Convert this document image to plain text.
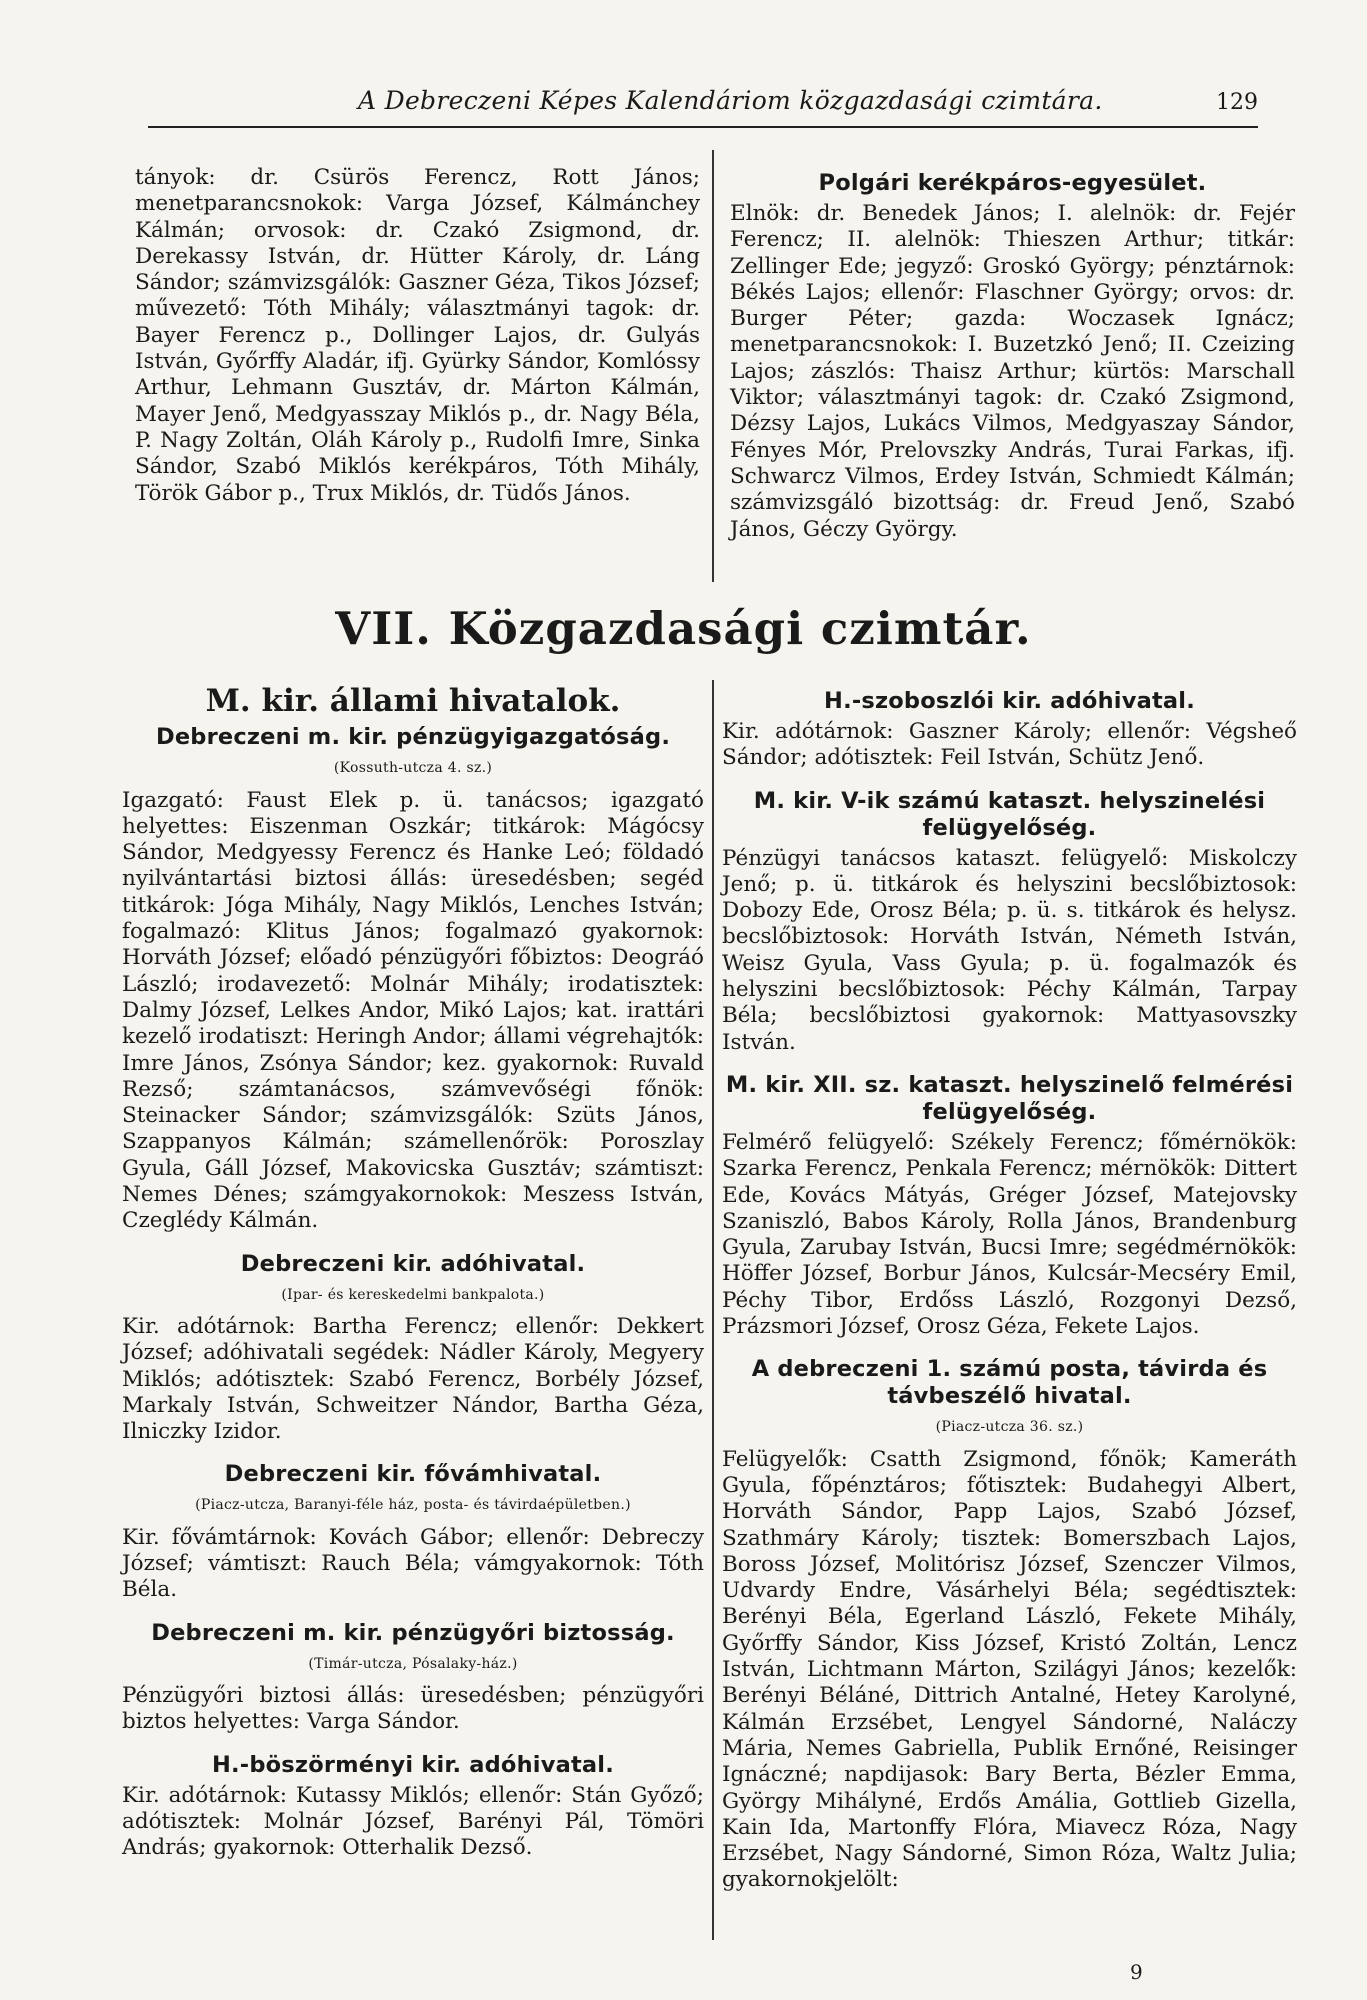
A Debreczeni Képes Kalendáriom közgazdasági czimtára.	129

tányok: dr. Csürös Ferencz, Rott János; menetparancsnokok: Varga József, Kálmánchey Kálmán; orvosok: dr. Czakó Zsigmond, dr. Derekassy István, dr. Hütter Károly, dr. Láng Sándor; számvizsgálók: Gaszner Géza, Tikos József; művezető: Tóth Mihály; választmányi tagok: dr. Bayer Ferencz p., Dollinger Lajos, dr. Gulyás István, Győrffy Aladár, ifj. Gyürky Sándor, Komlóssy Arthur, Lehmann Gusztáv, dr. Márton Kálmán, Mayer Jenő, Medgyasszay Miklós p., dr. Nagy Béla, P. Nagy Zoltán, Oláh Károly p., Rudolfi Imre, Sinka Sándor, Szabó Miklós kerékpáros, Tóth Mihály, Török Gábor p., Trux Miklós, dr. Tüdős János.

Polgári kerékpáros-egyesület.

Elnök: dr. Benedek János; I. alelnök: dr. Fejér Ferencz; II. alelnök: Thieszen Arthur; titkár: Zellinger Ede; jegyző: Groskó György; pénztárnok: Békés Lajos; ellenőr: Flaschner György; orvos: dr. Burger Péter; gazda: Woczasek Ignácz; menetparancsnokok: I. Buzetzkó Jenő; II. Czeizing Lajos; zászlós: Thaisz Arthur; kürtös: Marschall Viktor; választmányi tagok: dr. Czakó Zsigmond, Dézsy Lajos, Lukács Vilmos, Medgyaszay Sándor, Fényes Mór, Prelovszky András, Turai Farkas, ifj. Schwarcz Vilmos, Erdey István, Schmiedt Kálmán; számvizsgáló bizottság: dr. Freud Jenő, Szabó János, Géczy György.

VII. Közgazdasági czimtár.
M. kir. állami hivatalok.
Debreczeni m. kir. pénzügyigazgatóság.
(Kossuth-utcza 4. sz.)

Igazgató: Faust Elek p. ü. tanácsos; igazgató helyettes: Eiszenman Oszkár; titkárok: Mágócsy Sándor, Medgyessy Ferencz és Hanke Leó; földadó nyilvántartási biztosi állás: üresedésben; segéd titkárok: Jóga Mihály, Nagy Miklós, Lenches István; fogalmazó: Klitus János; fogalmazó gyakornok: Horváth József; előadó pénzügyőri főbiztos: Deográó László; irodavezető: Molnár Mihály; irodatisztek: Dalmy József, Lelkes Andor, Mikó Lajos; kat. irattári kezelő irodatiszt: Heringh Andor; állami végrehajtók: Imre János, Zsónya Sándor; kez. gyakornok: Ruvald Rezső; számtanácsos, számvevőségi főnök: Steinacker Sándor; számvizsgálók: Szüts János, Szappanyos Kálmán; számellenőrök: Poroszlay Gyula, Gáll József, Makovicska Gusztáv; számtiszt: Nemes Dénes; számgyakornokok: Meszess István, Czeglédy Kálmán.

Debreczeni kir. adóhivatal.
(Ipar- és kereskedelmi bankpalota.)

Kir. adótárnok: Bartha Ferencz; ellenőr: Dekkert József; adóhivatali segédek: Nádler Károly, Megyery Miklós; adótisztek: Szabó Ferencz, Borbély József, Markaly István, Schweitzer Nándor, Bartha Géza, Ilniczky Izidor.

Debreczeni kir. fővámhivatal.
(Piacz-utcza, Baranyi-féle ház, posta- és távirdaépületben.)

Kir. fővámtárnok: Kovách Gábor; ellenőr: Debreczy József; vámtiszt: Rauch Béla; vámgyakornok: Tóth Béla.

Debreczeni m. kir. pénzügyőri biztosság.
(Timár-utcza, Pósalaky-ház.)

Pénzügyőri biztosi állás: üresedésben; pénzügyőri biztos helyettes: Varga Sándor.

H.-böszörményi kir. adóhivatal.

Kir. adótárnok: Kutassy Miklós; ellenőr: Stán Győző; adótisztek: Molnár József, Barényi Pál, Tömöri András; gyakornok: Otterhalik Dezső.

H.-szoboszlói kir. adóhivatal.

Kir. adótárnok: Gaszner Károly; ellenőr: Végsheő Sándor; adótisztek: Feil István, Schütz Jenő.

M. kir. V-ik számú kataszt. helyszinelési felügyelőség.

Pénzügyi tanácsos kataszt. felügyelő: Miskolczy Jenő; p. ü. titkárok és helyszini becslőbiztosok: Dobozy Ede, Orosz Béla; p. ü. s. titkárok és helysz. becslőbiztosok: Horváth István, Németh István, Weisz Gyula, Vass Gyula; p. ü. fogalmazók és helyszini becslőbiztosok: Péchy Kálmán, Tarpay Béla; becslőbiztosi gyakornok: Mattyasovszky István.

M. kir. XII. sz. kataszt. helyszinelő felmérési felügyelőség.

Felmérő felügyelő: Székely Ferencz; főmérnökök: Szarka Ferencz, Penkala Ferencz; mérnökök: Dittert Ede, Kovács Mátyás, Gréger József, Matejovsky Szaniszló, Babos Károly, Rolla János, Brandenburg Gyula, Zarubay István, Bucsi Imre; segédmérnökök: Höffer József, Borbur János, Kulcsár-Mecséry Emil, Péchy Tibor, Erdőss László, Rozgonyi Dezső, Prázsmori József, Orosz Géza, Fekete Lajos.

A debreczeni 1. számú posta, távirda és távbeszélő hivatal.
(Piacz-utcza 36. sz.)

Felügyelők: Csatth Zsigmond, főnök; Kameráth Gyula, főpénztáros; főtisztek: Budahegyi Albert, Horváth Sándor, Papp Lajos, Szabó József, Szathmáry Károly; tisztek: Bomerszbach Lajos, Boross József, Molitórisz József, Szenczer Vilmos, Udvardy Endre, Vásárhelyi Béla; segédtisztek: Berényi Béla, Egerland László, Fekete Mihály, Győrffy Sándor, Kiss József, Kristó Zoltán, Lencz István, Lichtmann Márton, Szilágyi János; kezelők: Berényi Béláné, Dittrich Antalné, Hetey Karolyné, Kálmán Erzsébet, Lengyel Sándorné, Naláczy Mária, Nemes Gabriella, Publik Ernőné, Reisinger Ignáczné; napdijasok: Bary Berta, Bézler Emma, György Mihályné, Erdős Amália, Gottlieb Gizella, Kain Ida, Martonffy Flóra, Miavecz Róza, Nagy Erzsébet, Nagy Sándorné, Simon Róza, Waltz Julia; gyakornokjelölt:

9
